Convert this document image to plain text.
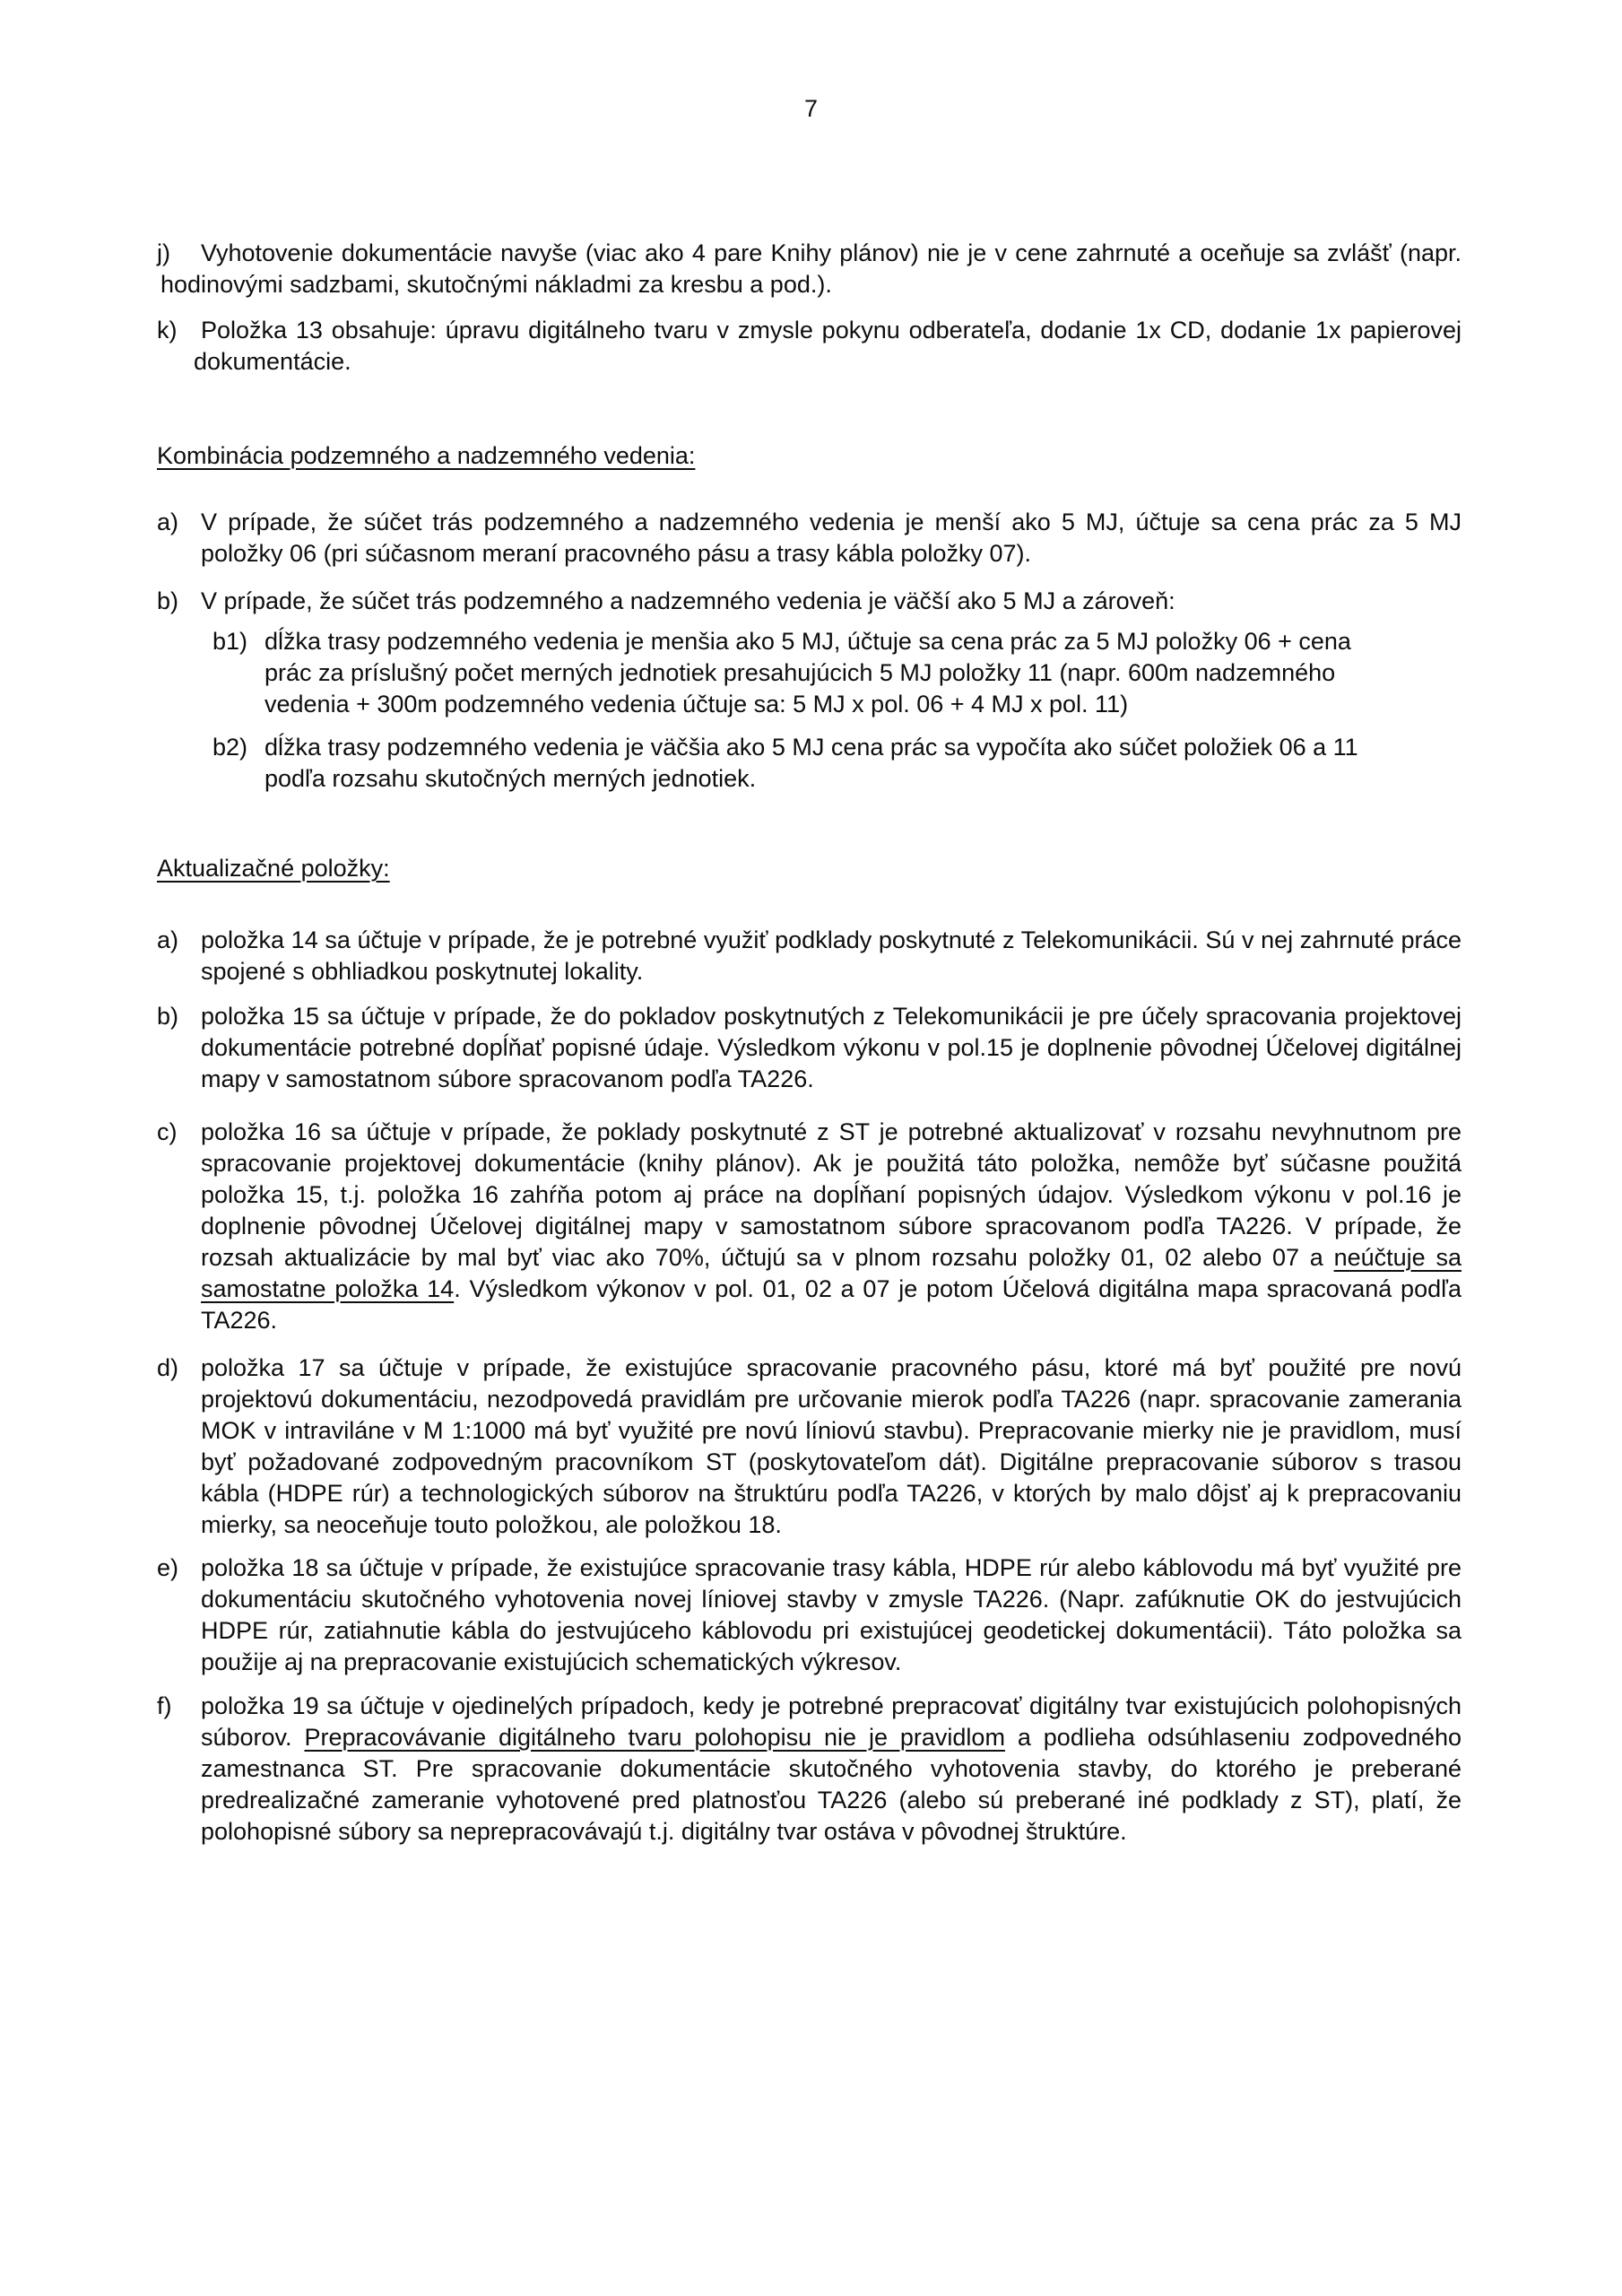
7

j) Vyhotovenie dokumentácie navyše (viac ako 4 pare Knihy plánov) nie je v cene zahrnuté a oceňuje sa zvlášť (napr. hodinovými sadzbami, skutočnými nákladmi za kresbu a pod.).

k) Položka 13 obsahuje: úpravu digitálneho tvaru v zmysle pokynu odberateľa, dodanie 1x CD, dodanie 1x papierovej dokumentácie.

Kombinácia podzemného a nadzemného vedenia:

a) V prípade, že súčet trás podzemného a nadzemného vedenia je menší ako 5 MJ, účtuje sa cena prác za 5 MJ položky 06 (pri súčasnom meraní pracovného pásu a trasy kábla položky 07).

b) V prípade, že súčet trás podzemného a nadzemného vedenia je väčší ako 5 MJ a zároveň:

b1) dĺžka trasy podzemného vedenia je menšia ako 5 MJ, účtuje sa cena prác za 5 MJ položky 06 + cena prác za príslušný počet merných jednotiek presahujúcich 5 MJ položky 11 (napr. 600m nadzemného vedenia + 300m podzemného vedenia účtuje sa: 5 MJ x pol. 06 + 4 MJ x pol. 11)

b2) dĺžka trasy podzemného vedenia je väčšia ako 5 MJ cena prác sa vypočíta ako súčet položiek 06 a 11 podľa rozsahu skutočných merných jednotiek.

Aktualizačné položky:

a) položka 14 sa účtuje v prípade, že je potrebné využiť podklady poskytnuté z Telekomunikácii. Sú v nej zahrnuté práce spojené s obhliadkou poskytnutej lokality.

b) položka 15 sa účtuje v prípade, že do pokladov poskytnutých z Telekomunikácii je pre účely spracovania projektovej dokumentácie potrebné dopĺňať popisné údaje. Výsledkom výkonu v pol.15 je doplnenie pôvodnej Účelovej digitálnej mapy v samostatnom súbore spracovanom podľa TA226.

c) položka 16 sa účtuje v prípade, že poklady poskytnuté z ST je potrebné aktualizovať v rozsahu nevyhnutnom pre spracovanie projektovej dokumentácie (knihy plánov). Ak je použitá táto položka, nemôže byť súčasne použitá položka 15, t.j. položka 16 zahŕňa potom aj práce na dopĺňaní popisných údajov. Výsledkom výkonu v pol.16 je doplnenie pôvodnej Účelovej digitálnej mapy v samostatnom súbore spracovanom podľa TA226. V prípade, že rozsah aktualizácie by mal byť viac ako 70%, účtujú sa v plnom rozsahu položky 01, 02 alebo 07 a neúčtuje sa samostatne položka 14. Výsledkom výkonov v pol. 01, 02 a 07 je potom Účelová digitálna mapa spracovaná podľa TA226.

d) položka 17 sa účtuje v prípade, že existujúce spracovanie pracovného pásu, ktoré má byť použité pre novú projektovú dokumentáciu, nezodpovedá pravidlám pre určovanie mierok podľa TA226 (napr. spracovanie zamerania MOK v intraviláne v M 1:1000 má byť využité pre novú líniovú stavbu). Prepracovanie mierky nie je pravidlom, musí byť požadované zodpovedným pracovníkom ST (poskytovateľom dát). Digitálne prepracovanie súborov s trasou kábla (HDPE rúr) a technologických súborov na štruktúru podľa TA226, v ktorých by malo dôjsť aj k prepracovaniu mierky, sa neoceňuje touto položkou, ale položkou 18.

e) položka 18 sa účtuje v prípade, že existujúce spracovanie trasy kábla, HDPE rúr alebo káblovodu má byť využité pre dokumentáciu skutočného vyhotovenia novej líniovej stavby v zmysle TA226. (Napr. zafúknutie OK do jestvujúcich HDPE rúr, zatiahnutie kábla do jestvujúceho káblovodu pri existujúcej geodetickej dokumentácii). Táto položka sa použije aj na prepracovanie existujúcich schematických výkresov.

f) položka 19 sa účtuje v ojedinelých prípadoch, kedy je potrebné prepracovať digitálny tvar existujúcich polohopisných súborov. Prepracovávanie digitálneho tvaru polohopisu nie je pravidlom a podlieha odsúhlaseniu zodpovedného zamestnanca ST. Pre spracovanie dokumentácie skutočného vyhotovenia stavby, do ktorého je preberané predrealizačné zameranie vyhotovené pred platnosťou TA226 (alebo sú preberané iné podklady z ST), platí, že polohopisné súbory sa neprepracovávajú t.j. digitálny tvar ostáva v pôvodnej štruktúre.
